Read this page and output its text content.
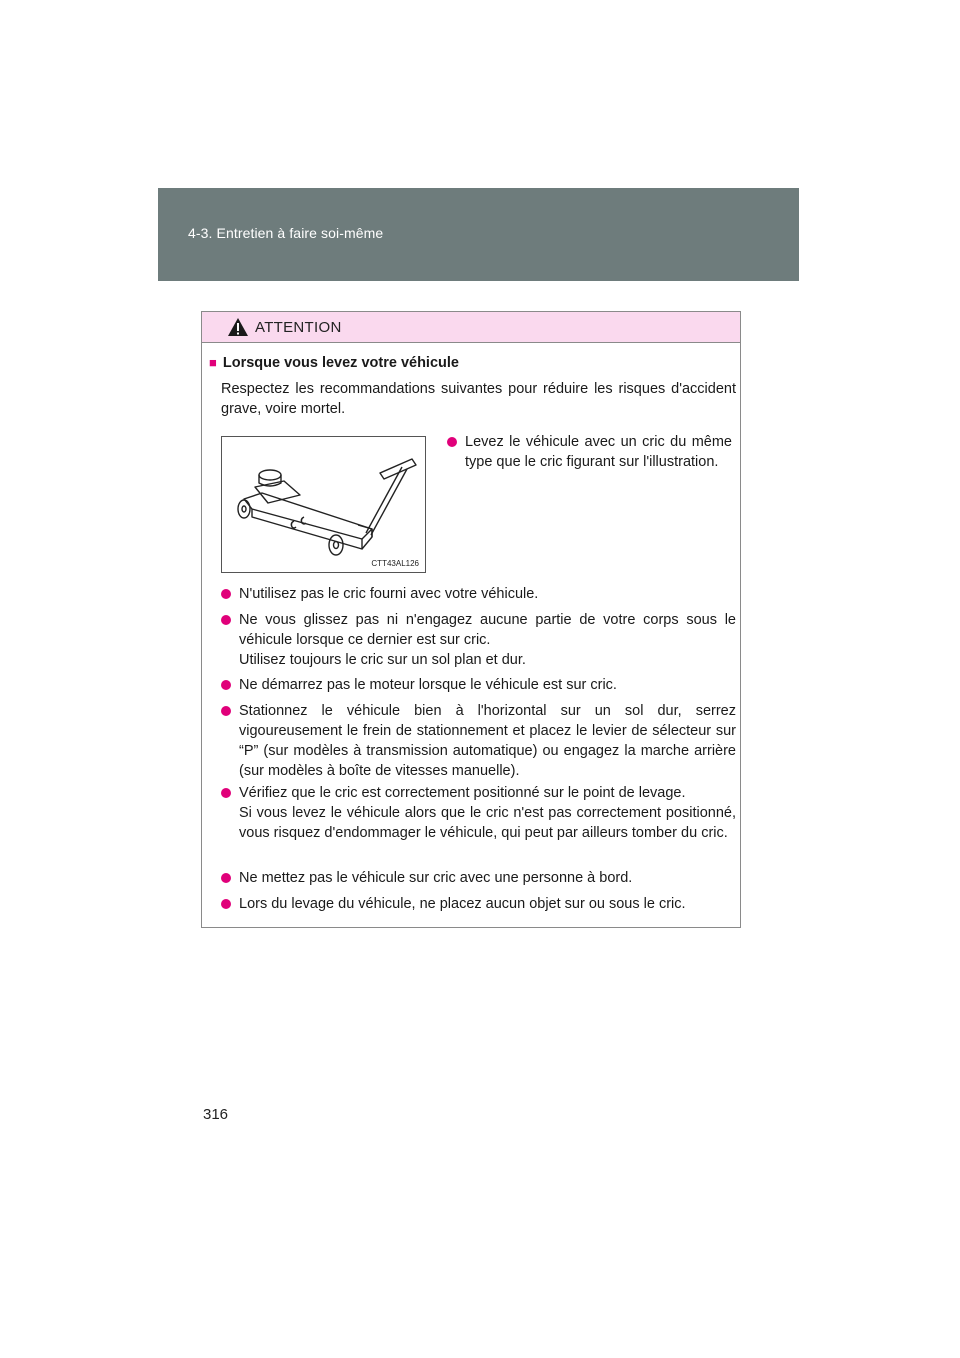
4-3. Entretien à faire soi-même
ATTENTION
■ Lorsque vous levez votre véhicule
Respectez les recommandations suivantes pour réduire les risques d'accident grave, voire mortel.
CTT43AL126
Levez le véhicule avec un cric du même type que le cric figurant sur l'illustration.
N'utilisez pas le cric fourni avec votre véhicule.
Ne vous glissez pas ni n'engagez aucune partie de votre corps sous le véhicule lorsque ce dernier est sur cric.
Utilisez toujours le cric sur un sol plan et dur.
Ne démarrez pas le moteur lorsque le véhicule est sur cric.
Stationnez le véhicule bien à l'horizontal sur un sol dur, serrez vigoureusement le frein de stationnement et placez le levier de sélecteur sur “P” (sur modèles à transmission automatique) ou engagez la marche arrière (sur modèles à boîte de vitesses manuelle).
Vérifiez que le cric est correctement positionné sur le point de levage.
Si vous levez le véhicule alors que le cric n'est pas correctement positionné, vous risquez d'endommager le véhicule, qui peut par ailleurs tomber du cric.
Ne mettez pas le véhicule sur cric avec une personne à bord.
Lors du levage du véhicule, ne placez aucun objet sur ou sous le cric.
316
